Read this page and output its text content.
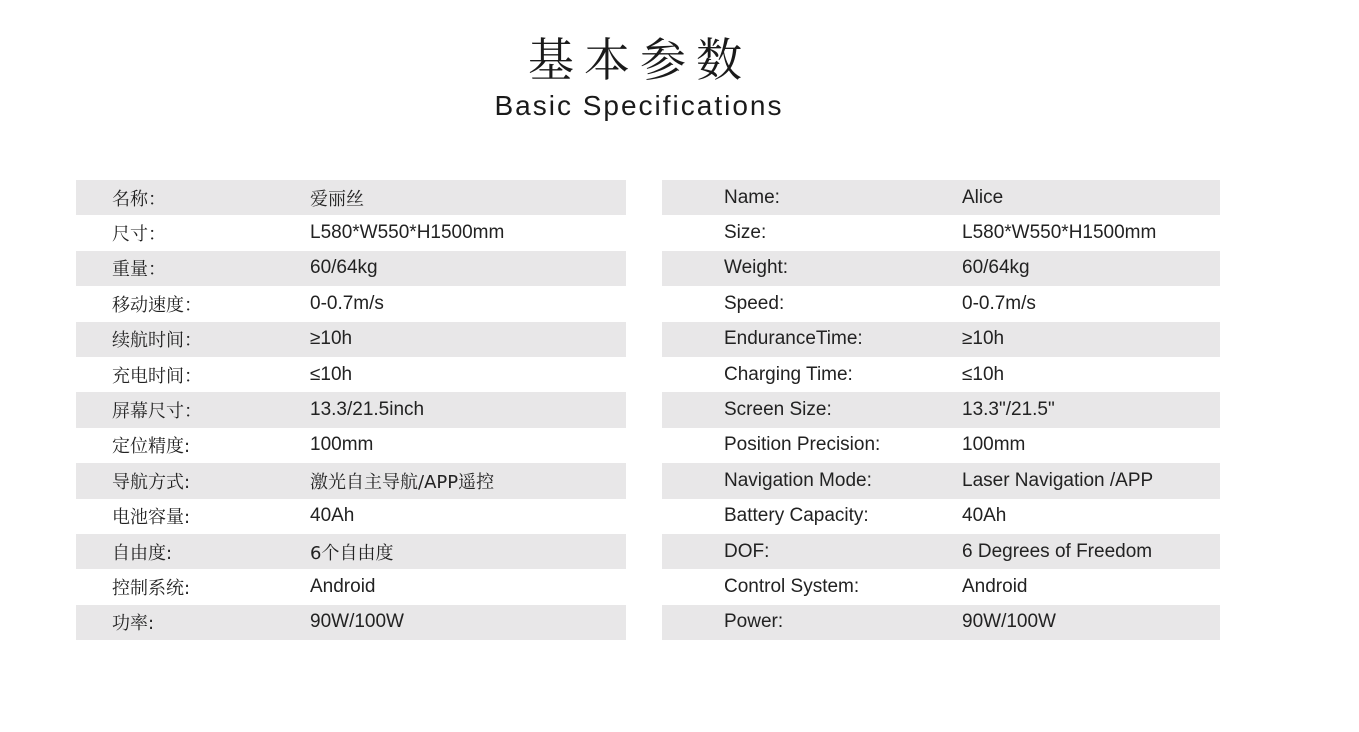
基本参数
Basic Specifications
名称：	爱丽丝
尺寸：	L580*W550*H1500mm
重量：	60/64kg
移动速度：	0-0.7m/s
续航时间：	≥10h
充电时间：	≤10h
屏幕尺寸：	13.3/21.5inch
定位精度:	100mm
导航方式:	激光自主导航/APP遥控
电池容量:	40Ah
自由度:	6个自由度
控制系统:	Android
功率:	90W/100W
Name:	Alice
Size:	L580*W550*H1500mm
Weight:	60/64kg
Speed:	0-0.7m/s
EnduranceTime:	≥10h
Charging Time:	≤10h
Screen Size:	13.3"/21.5"
Position Precision:	100mm
Navigation Mode:	Laser Navigation /APP
Battery Capacity:	40Ah
DOF:	6 Degrees of Freedom
Control System:	Android
Power:	90W/100W
